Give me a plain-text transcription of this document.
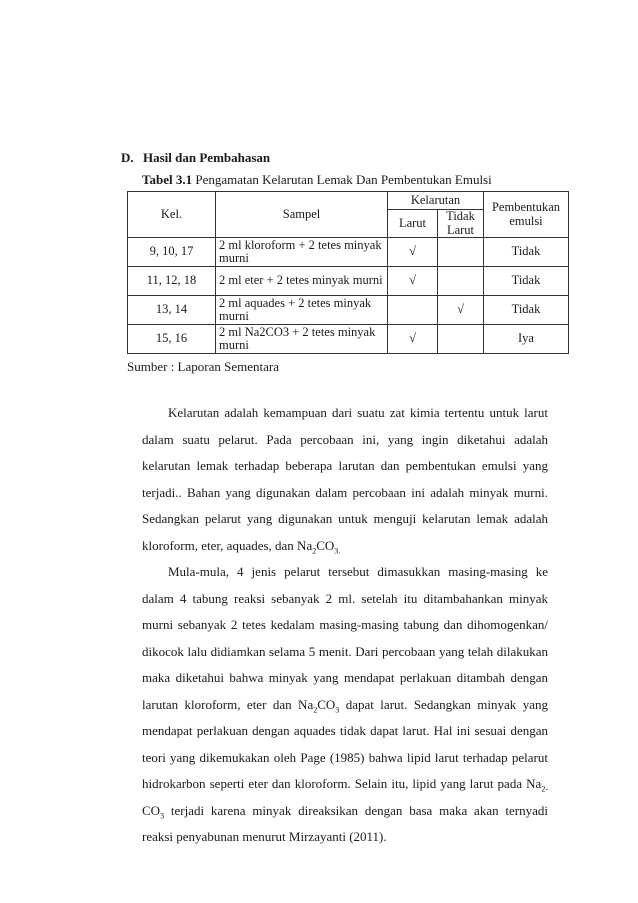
D. Hasil dan Pembahasan
Tabel 3.1 Pengamatan Kelarutan Lemak Dan Pembentukan Emulsi
Kel.	Sampel	Kelarutan		Pembentukan emulsi
		Larut	Tidak Larut	
9, 10, 17	2 ml kloroform + 2 tetes minyak murni	√		Tidak
11, 12, 18	2 ml eter + 2 tetes minyak murni	√		Tidak
13, 14	2 ml aquades + 2 tetes minyak murni		√	Tidak
15, 16	2 ml Na2CO3 + 2 tetes minyak murni	√		Iya
Sumber : Laporan Sementara

Kelarutan adalah kemampuan dari suatu zat kimia tertentu untuk larut dalam suatu pelarut. Pada percobaan ini, yang ingin diketahui adalah kelarutan lemak terhadap beberapa larutan dan pembentukan emulsi yang terjadi.. Bahan yang digunakan dalam percobaan ini adalah minyak murni. Sedangkan pelarut yang digunakan untuk menguji kelarutan lemak adalah kloroform, eter, aquades, dan $Na_2CO_{3.}$

Mula-mula, 4 jenis pelarut tersebut dimasukkan masing-masing ke dalam 4 tabung reaksi sebanyak 2 ml. setelah itu ditambahankan minyak murni sebanyak 2 tetes kedalam masing-masing tabung dan dihomogenkan/ dikocok lalu didiamkan selama 5 menit. Dari percobaan yang telah dilakukan maka diketahui bahwa minyak yang mendapat perlakuan ditambah dengan larutan kloroform, eter dan $Na_2CO_3$ dapat larut. Sedangkan minyak yang mendapat perlakuan dengan aquades tidak dapat larut. Hal ini sesuai dengan teori yang dikemukakan oleh Page (1985) bahwa lipid larut terhadap pelarut hidrokarbon seperti eter dan kloroform. Selain itu, lipid yang larut pada $Na_{2-}$ $CO_3$ terjadi karena minyak direaksikan dengan basa maka akan ternyadi reaksi penyabunan menurut Mirzayanti (2011).
